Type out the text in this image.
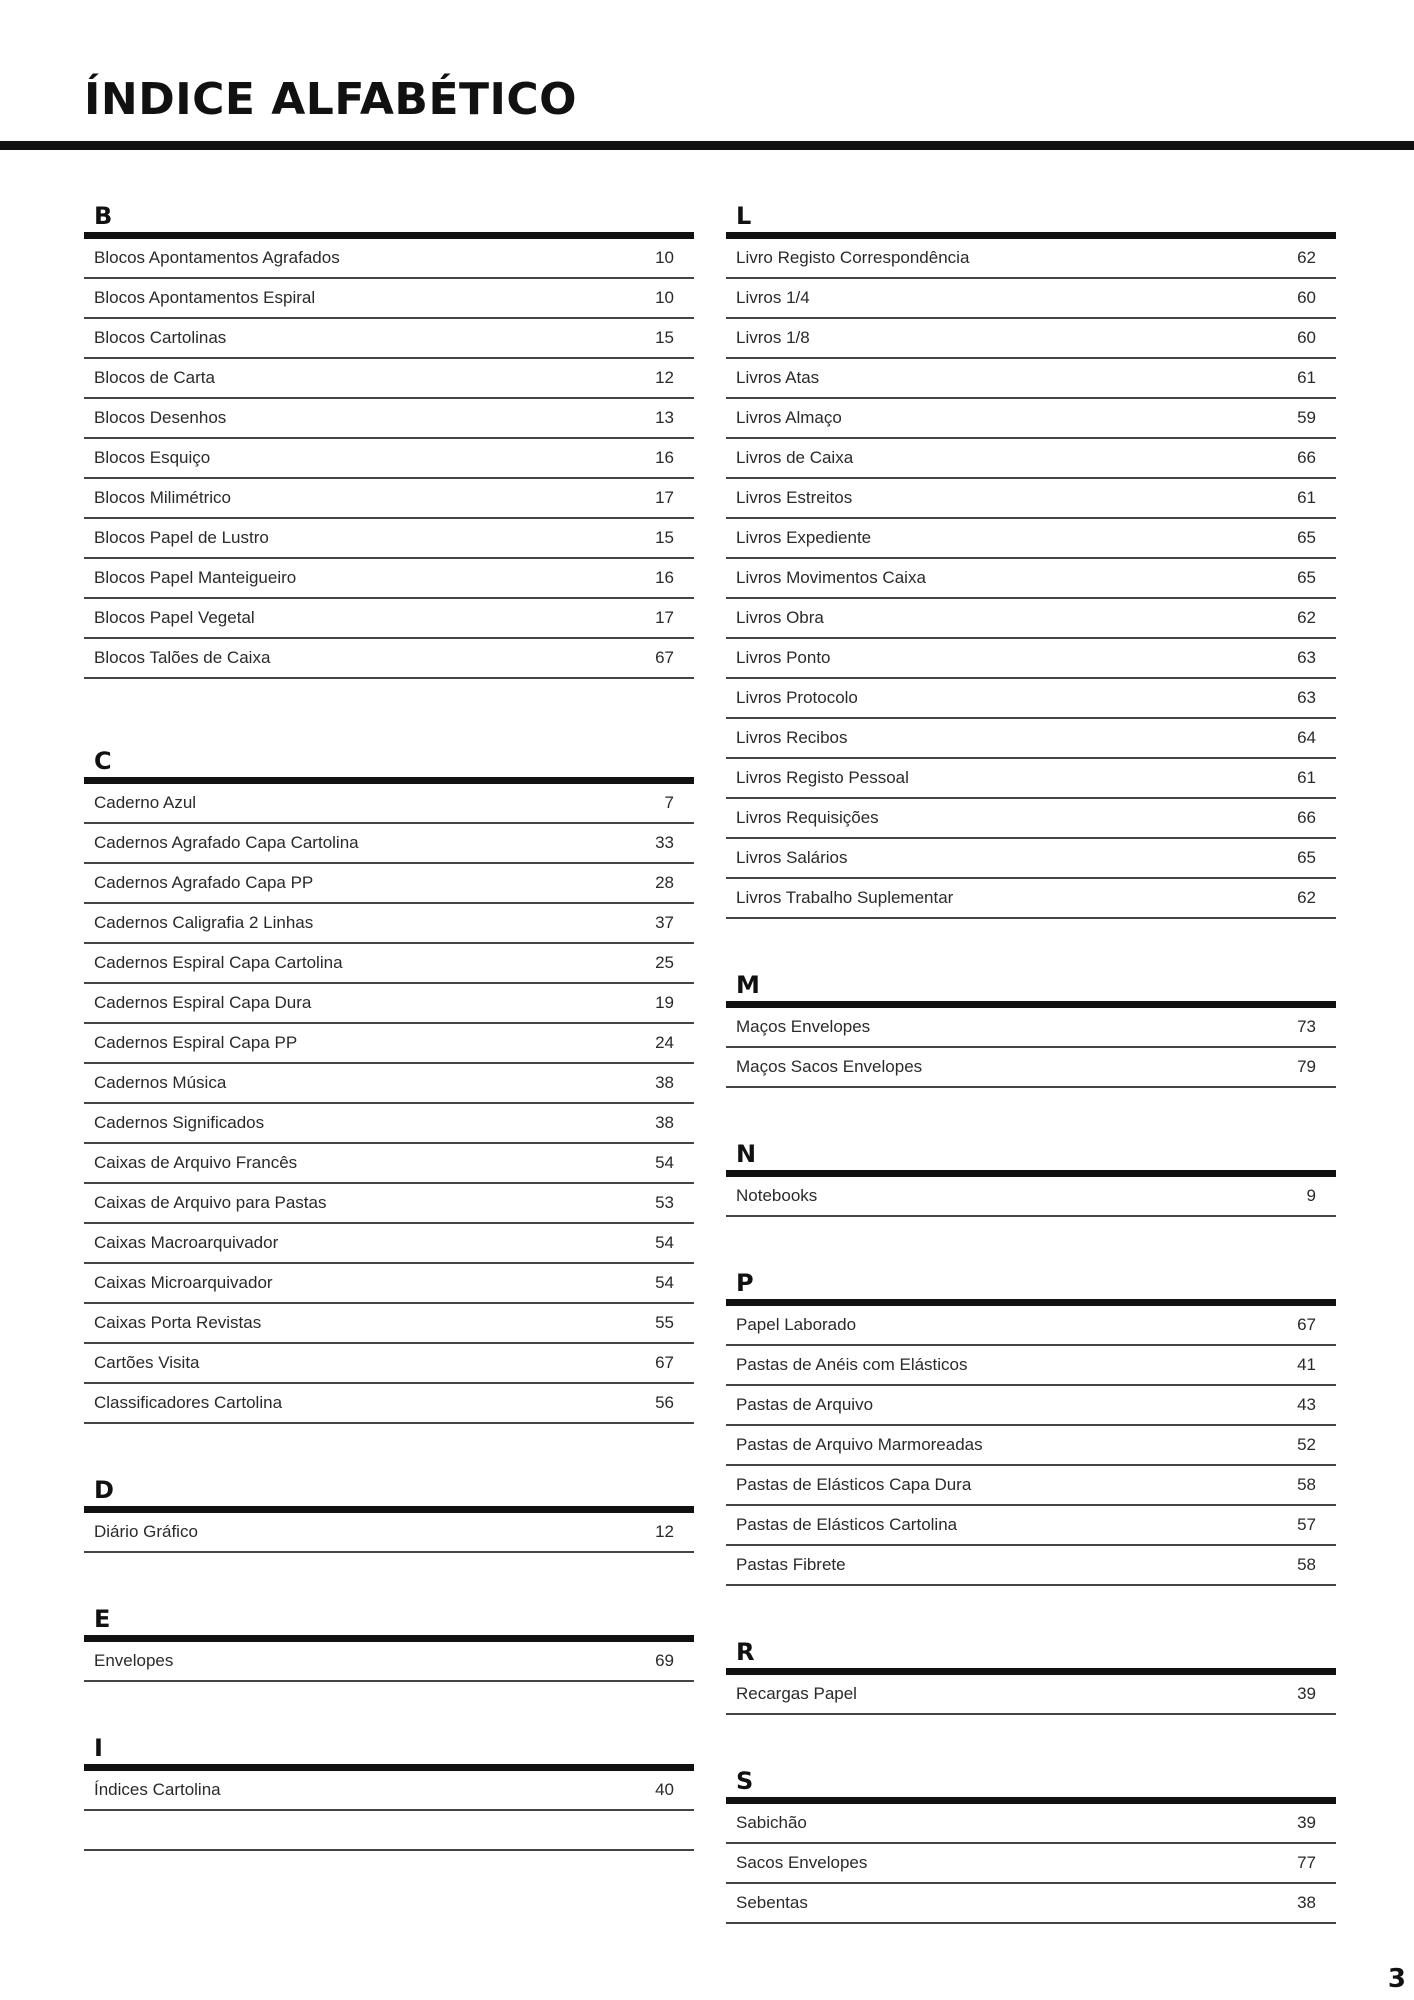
ÍNDICE ALFABÉTICO
B
Blocos Apontamentos Agrafados	10
Blocos Apontamentos Espiral	10
Blocos Cartolinas	15
Blocos de Carta	12
Blocos Desenhos	13
Blocos Esquiço	16
Blocos Milimétrico	17
Blocos Papel de Lustro	15
Blocos Papel Manteigueiro	16
Blocos Papel Vegetal	17
Blocos Talões de Caixa	67
C
Caderno Azul	7
Cadernos Agrafado Capa Cartolina	33
Cadernos Agrafado Capa PP	28
Cadernos Caligrafia 2 Linhas	37
Cadernos Espiral Capa Cartolina	25
Cadernos Espiral Capa Dura	19
Cadernos Espiral Capa PP	24
Cadernos Música	38
Cadernos Significados	38
Caixas de Arquivo Francês	54
Caixas de Arquivo para Pastas	53
Caixas Macroarquivador	54
Caixas Microarquivador	54
Caixas Porta Revistas	55
Cartões Visita	67
Classificadores Cartolina	56
D
Diário Gráfico	12
E
Envelopes	69
I
Índices Cartolina	40
L
Livro Registo Correspondência	62
Livros 1/4	60
Livros 1/8	60
Livros Atas	61
Livros Almaço	59
Livros de Caixa	66
Livros Estreitos	61
Livros Expediente	65
Livros Movimentos Caixa	65
Livros Obra	62
Livros Ponto	63
Livros Protocolo	63
Livros Recibos	64
Livros Registo Pessoal	61
Livros Requisições	66
Livros Salários	65
Livros Trabalho Suplementar	62
M
Maços Envelopes	73
Maços Sacos Envelopes	79
N
Notebooks	9
P
Papel Laborado	67
Pastas de Anéis com Elásticos	41
Pastas de Arquivo	43
Pastas de Arquivo Marmoreadas	52
Pastas de Elásticos Capa Dura	58
Pastas de Elásticos Cartolina	57
Pastas Fibrete	58
R
Recargas Papel	39
S
Sabichão	39
Sacos Envelopes	77
Sebentas	38
3
